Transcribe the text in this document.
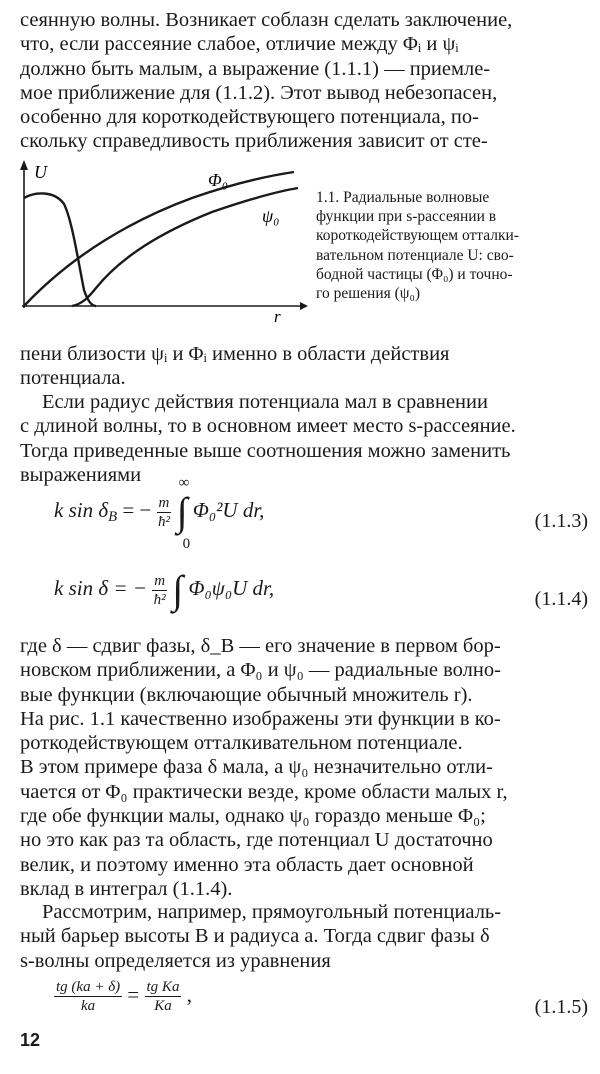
сеянную волны. Возникает соблазн сделать заключение,
что, если рассеяние слабое, отличие между Φᵢ и ψᵢ
должно быть малым, а выражение (1.1.1) — приемле-
мое приближение для (1.1.2). Этот вывод небезопасен,
особенно для короткодействующего потенциала, по-
скольку справедливость приближения зависит от сте-
U
r
Φ₀
ψ₀
1.1. Радиальные волновые
функции при s-рассеянии в
короткодействующем отталки-
вательном потенциале U: сво-
бодной частицы (Φ₀) и точно-
го решения (ψ₀)
пени близости ψᵢ и Φᵢ именно в области действия
потенциала.
Если радиус действия потенциала мал в сравнении
с длиной волны, то в основном имеет место s-рассеяние.
Тогда приведенные выше соотношения можно заменить
выражениями
k $\sin \delta_B$ = − $\frac{m}{\text{ħ²}}$ ∫
∞
0
Φ₀²U dr,	(1.1.3)
k sin δ = − $\frac{m}{\text{ħ²}}$ ∫ Φ₀ψ₀U dr,	(1.1.4)
где δ — сдвиг фазы, δ_B — его значение в первом бор-
новском приближении, а Φ₀ и ψ₀ — радиальные волно-
вые функции (включающие обычный множитель r).
На рис. 1.1 качественно изображены эти функции в ко-
роткодействующем отталкивательном потенциале.
В этом примере фаза δ мала, а ψ₀ незначительно отли-
чается от Φ₀ практически везде, кроме области малых r,
где обе функции малы, однако ψ₀ гораздо меньше Φ₀;
но это как раз та область, где потенциал U достаточно
велик, и поэтому именно эта область дает основной
вклад в интеграл (1.1.4).
Рассмотрим, например, прямоугольный потенциаль-
ный барьер высоты B и радиуса a. Тогда сдвиг фазы δ
s-волны определяется из уравнения
$\frac{tg (ka + \delta)}{ka} = \frac{\text{tg Ka}}{Ka}$ ,
(1.1.5)
12
